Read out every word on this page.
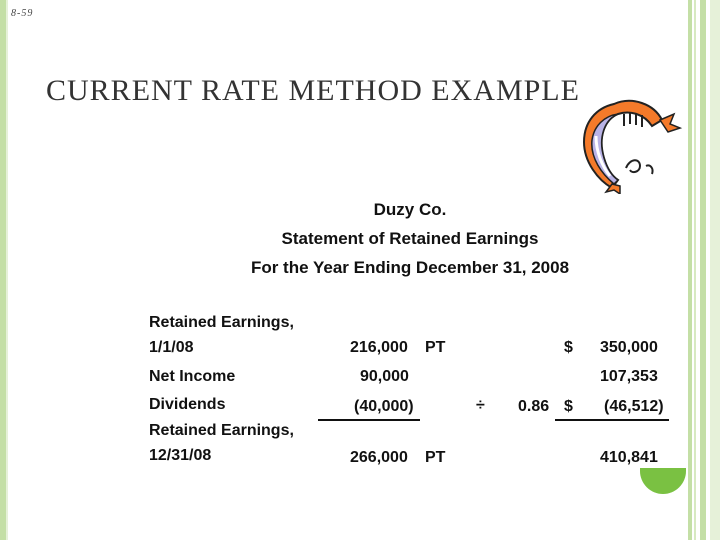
8-59
CURRENT RATE METHOD EXAMPLE
Duzy Co.
Statement of Retained Earnings
For the Year Ending December 31, 2008
Retained Earnings,
1/1/08	216,000 PT	$ 350,000
Net Income	90,000	107,353
Dividends	(40,000)	÷ 0.86 $ (46,512)
Retained Earnings,
12/31/08	266,000 PT	410,841
